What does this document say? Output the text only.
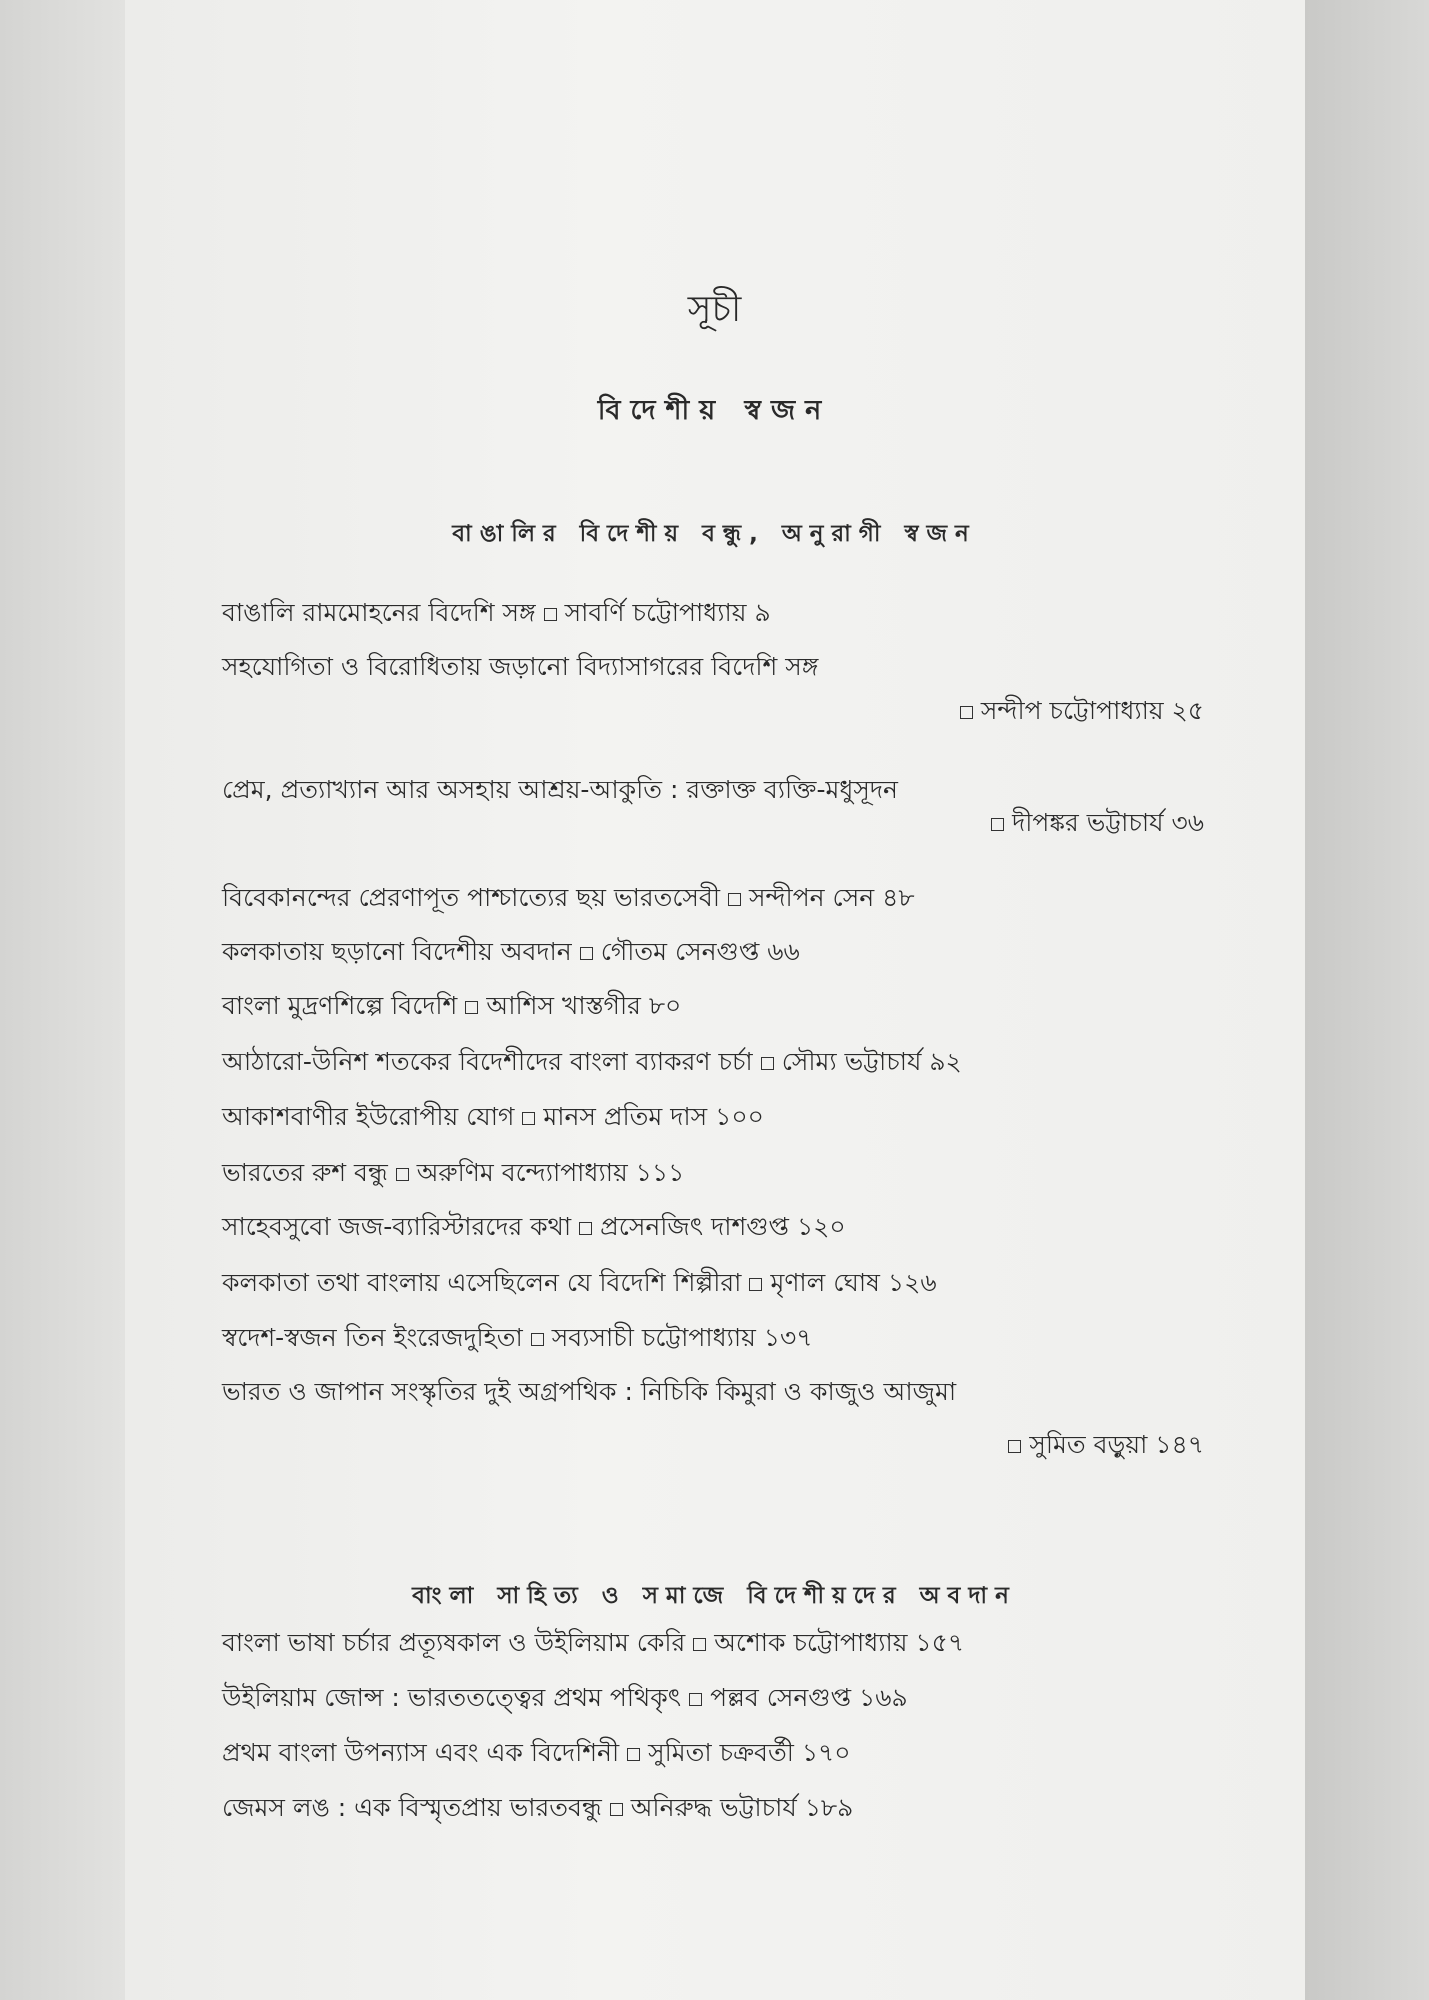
সূচী
বিদেশীয় স্বজন
বাঙালির বিদেশীয় বন্ধু, অনুরাগী স্বজন
বাঙালি রামমোহনের বিদেশি সঙ্গ সাবর্ণি চট্টোপাধ্যায় ৯
সহযোগিতা ও বিরোধিতায় জড়ানো বিদ্যাসাগরের বিদেশি সঙ্গ
সন্দীপ চট্টোপাধ্যায় ২৫
প্রেম, প্রত্যাখ্যান আর অসহায় আশ্রয়-আকুতি : রক্তাক্ত ব্যক্তি-মধুসূদন
দীপঙ্কর ভট্টাচার্য ৩৬
বিবেকানন্দের প্রেরণাপূত পাশ্চাত্যের ছয় ভারতসেবী সন্দীপন সেন ৪৮
কলকাতায় ছড়ানো বিদেশীয় অবদান গৌতম সেনগুপ্ত ৬৬
বাংলা মুদ্রণশিল্পে বিদেশি আশিস খাস্তগীর ৮০
আঠারো-উনিশ শতকের বিদেশীদের বাংলা ব্যাকরণ চর্চা সৌম্য ভট্টাচার্য ৯২
আকাশবাণীর ইউরোপীয় যোগ মানস প্রতিম দাস ১০০
ভারতের রুশ বন্ধু অরুণিম বন্দ্যোপাধ্যায় ১১১
সাহেবসুবো জজ-ব্যারিস্টারদের কথা প্রসেনজিৎ দাশগুপ্ত ১২০
কলকাতা তথা বাংলায় এসেছিলেন যে বিদেশি শিল্পীরা মৃণাল ঘোষ ১২৬
স্বদেশ-স্বজন তিন ইংরেজদুহিতা সব্যসাচী চট্টোপাধ্যায় ১৩৭
ভারত ও জাপান সংস্কৃতির দুই অগ্রপথিক : নিচিকি কিমুরা ও কাজুও আজুমা
সুমিত বড়ুয়া ১৪৭
বাংলা সাহিত্য ও সমাজে বিদেশীয়দের অবদান
বাংলা ভাষা চর্চার প্রত্যূষকাল ও উইলিয়াম কেরি অশোক চট্টোপাধ্যায় ১৫৭
উইলিয়াম জোন্স : ভারততত্ত্বের প্রথম পথিকৃৎ পল্লব সেনগুপ্ত ১৬৯
প্রথম বাংলা উপন্যাস এবং এক বিদেশিনী সুমিতা চক্রবর্তী ১৭০
জেমস লঙ : এক বিস্মৃতপ্রায় ভারতবন্ধু অনিরুদ্ধ ভট্টাচার্য ১৮৯
